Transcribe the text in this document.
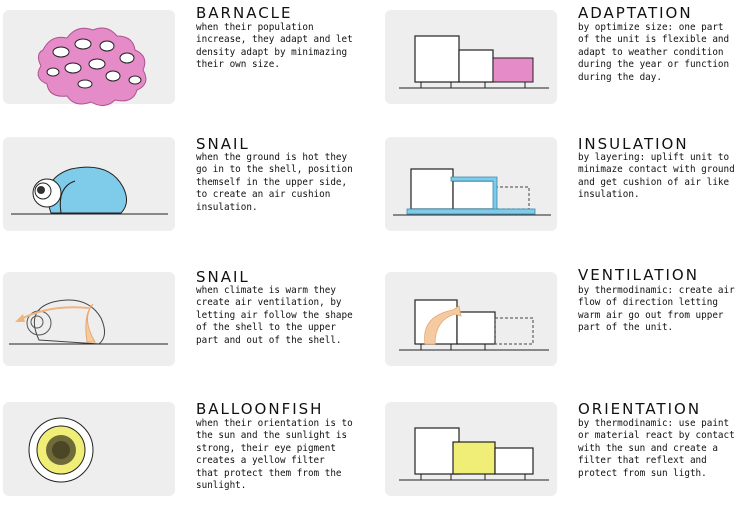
BARNACLE
when their population
increase, they adapt and let
density adapt by minimazing
their own size.
SNAIL
when the ground is hot they
go in to the shell, position
themself in the upper side,
to create an air cushion
insulation.
SNAIL
when climate is warm they
create air ventilation, by
letting air follow the shape
of the shell to the upper
part and out of the shell.
BALLOONFISH
when their orientation is to
the sun and the sunlight is
strong, their eye pigment
creates a yellow filter
that protect them from the
sunlight.
ADAPTATION
by optimize size: one part
of the unit is flexible and
adapt to weather condition
during the year or function
during the day.
INSULATION
by layering: uplift unit to
minimaze contact with ground
and get cushion of air like
insulation.
VENTILATION
by thermodinamic: create air
flow of direction letting
warm air go out from upper
part of the unit.
ORIENTATION
by thermodinamic: use paint
or material react by contact
with the sun and create a
filter that reflext and
protect from sun ligth.
